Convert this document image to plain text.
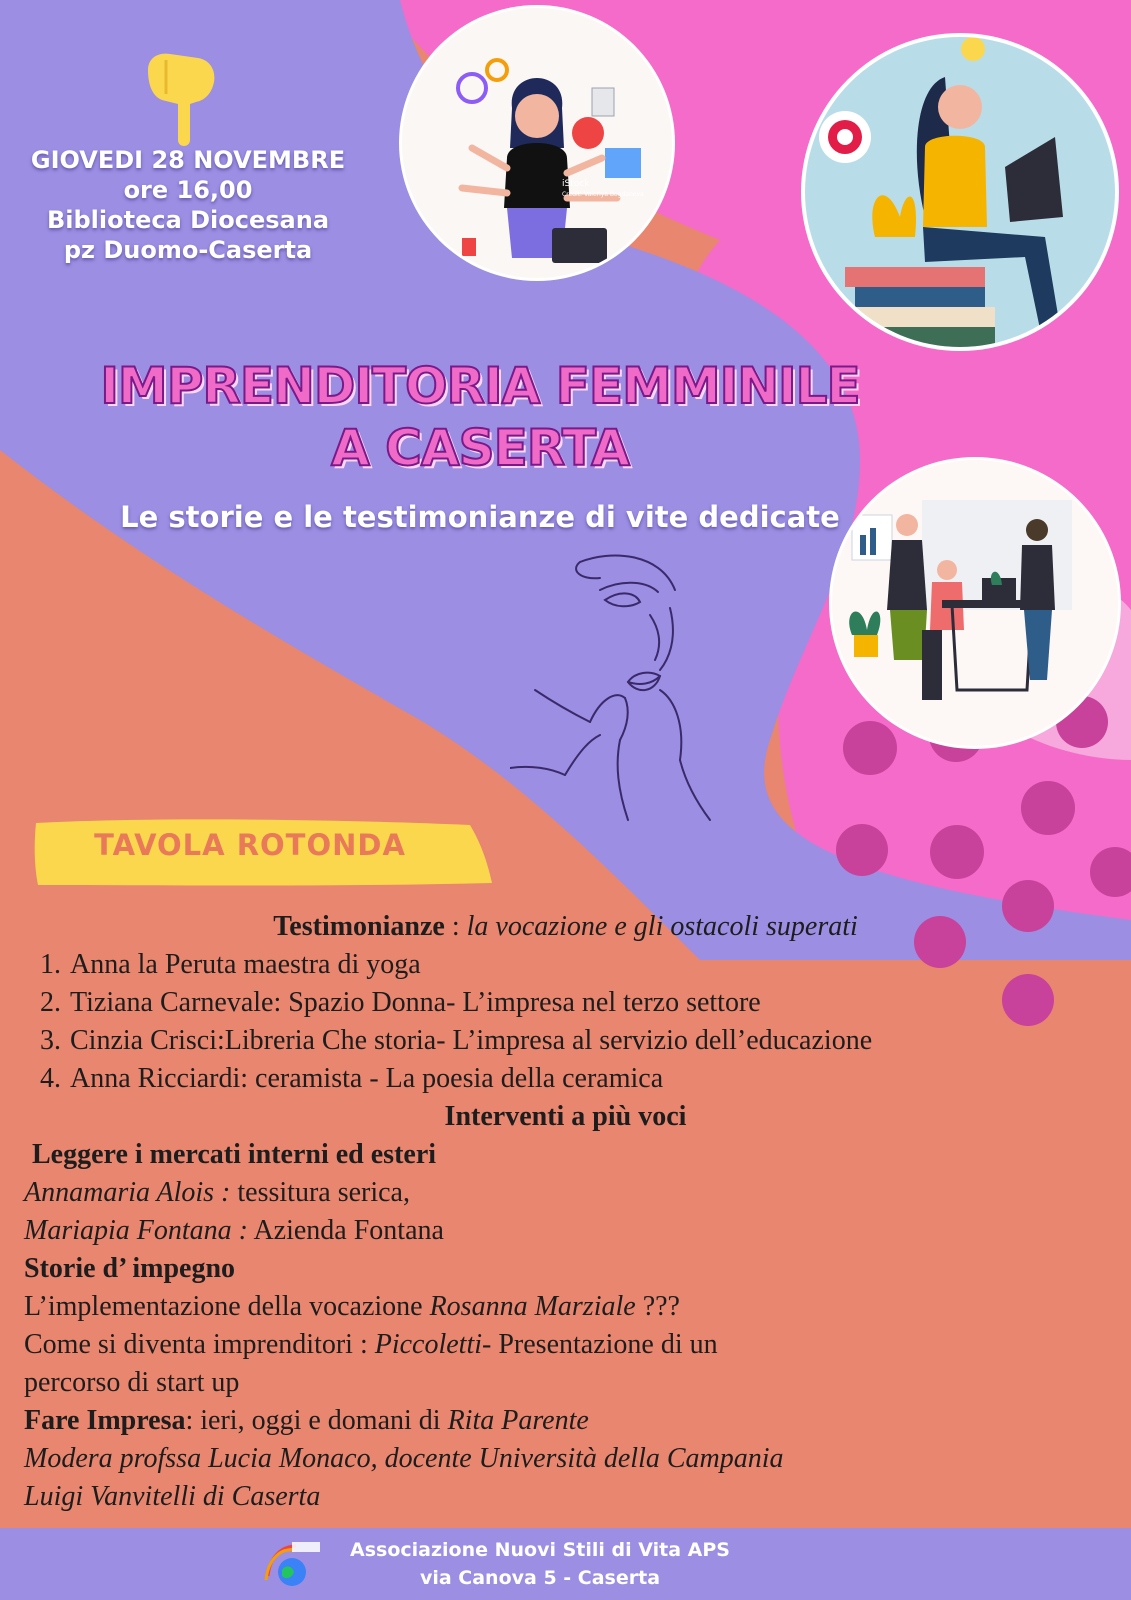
GIOVEDI 28 NOVEMBRE
ore 16,00
Biblioteca Diocesana
pz Duomo-Caserta
iStock
Credit: Valeriya Bogdanova
IMPRENDITORIA FEMMINILE
A CASERTA
Le storie e le testimonianze di vite dedicate
TAVOLA ROTONDA
Testimonianze : la vocazione e gli ostacoli superati
1. Anna la Peruta maestra di yoga
2. Tiziana Carnevale: Spazio Donna- L’impresa nel terzo settore
3. Cinzia Crisci:Libreria Che storia- L’impresa al servizio dell’educazione
4. Anna Ricciardi: ceramista - La poesia della ceramica
Interventi a più voci
Leggere i mercati interni ed esteri
Annamaria Alois : tessitura serica,
Mariapia Fontana : Azienda Fontana
Storie d’ impegno
L’implementazione della vocazione Rosanna Marziale ???
Come si diventa imprenditori : Piccoletti- Presentazione di un
percorso di start up
Fare Impresa: ieri, oggi e domani di Rita Parente
Modera profssa Lucia Monaco, docente Università della Campania
Luigi Vanvitelli di Caserta
Associazione Nuovi Stili di Vita APS
via Canova 5 - Caserta
